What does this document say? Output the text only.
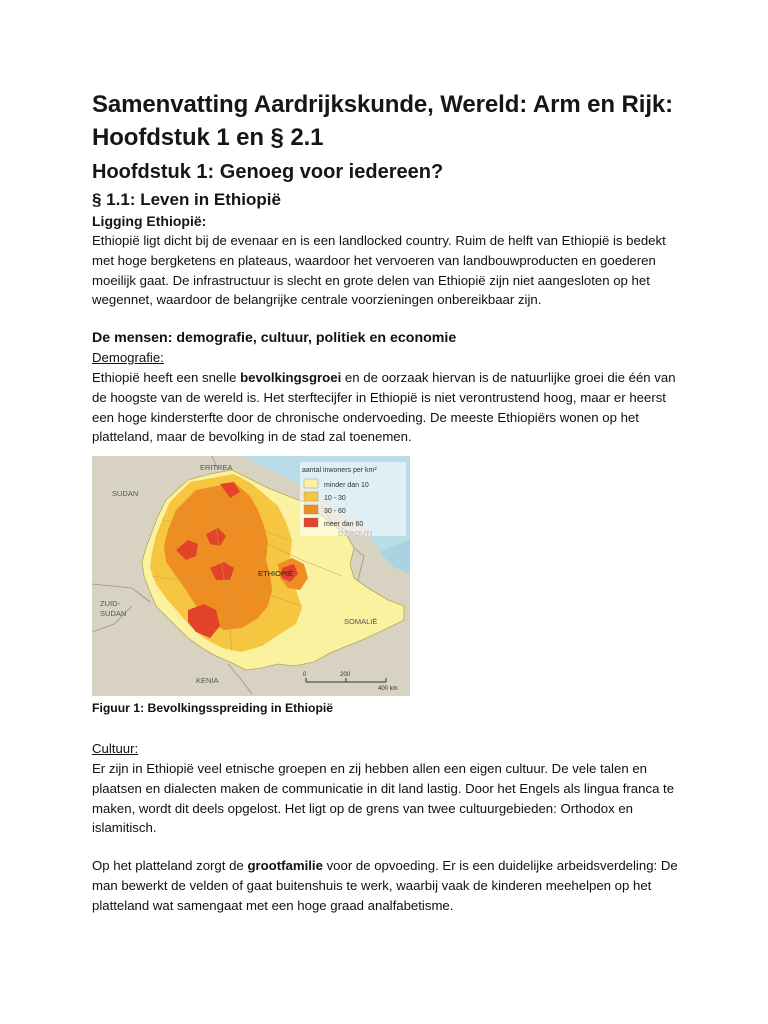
Samenvatting Aardrijkskunde, Wereld: Arm en Rijk: Hoofdstuk 1 en § 2.1
Hoofdstuk 1: Genoeg voor iedereen?
§ 1.1: Leven in Ethiopië
Ligging Ethiopië:

Ethiopië ligt dicht bij de evenaar en is een landlocked country. Ruim de helft van Ethiopië is bedekt met hoge bergketens en plateaus, waardoor het vervoeren van landbouwproducten en goederen moeilijk gaat. De infrastructuur is slecht en grote delen van Ethiopië zijn niet aangesloten op het wegennet, waardoor de belangrijke centrale voorzieningen onbereikbaar zijn.

De mensen: demografie, cultuur, politiek en economie
Demografie:

Ethiopië heeft een snelle bevolkingsgroei en de oorzaak hiervan is de natuurlijke groei die één van de hoogste van de wereld is. Het sterftecijfer in Ethiopië is niet verontrustend hoog, maar er heerst een hoge kindersterfte door de chronische ondervoeding. De meeste Ethiopiërs wonen op het platteland, maar de bevolking in de stad zal toenemen.

ERITREA
SUDAN
ETHIOPIË
ZUID-
SUDAN
SOMALIË
KENIA
0	200
400 km
aantal inwoners per km²
minder dan 10
10 - 30
30 - 60
meer dan 60
Figuur 1: Bevolkingsspreiding in Ethiopië
Cultuur:

Er zijn in Ethiopië veel etnische groepen en zij hebben allen een eigen cultuur. De vele talen en plaatsen en dialecten maken de communicatie in dit land lastig. Door het Engels als lingua franca te maken, wordt dit deels opgelost. Het ligt op de grens van twee cultuurgebieden: Orthodox en islamitisch.

Op het platteland zorgt de grootfamilie voor de opvoeding. Er is een duidelijke arbeidsverdeling: De man bewerkt de velden of gaat buitenshuis te werk, waarbij vaak de kinderen meehelpen op het platteland wat samengaat met een hoge graad analfabetisme.
